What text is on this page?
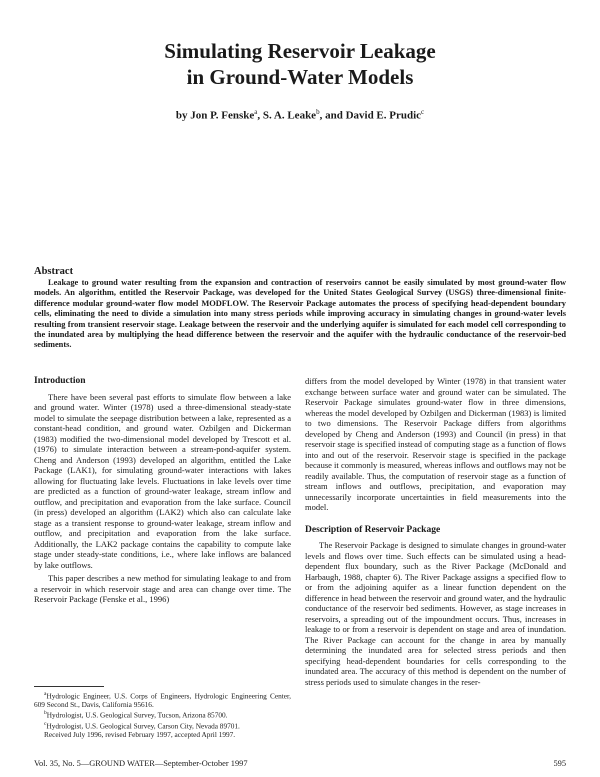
Simulating Reservoir Leakage
in Ground-Water Models
by Jon P. Fenske$^a$, S. A. Leake$^b$, and David E. Prudic$^c$
Abstract

Leakage to ground water resulting from the expansion and contraction of reservoirs cannot be easily simulated by most ground-water flow models. An algorithm, entitled the Reservoir Package, was developed for the United States Geological Survey (USGS) three-dimensional finite-difference modular ground-water flow model MODFLOW. The Reservoir Package automates the process of specifying head-dependent boundary cells, eliminating the need to divide a simulation into many stress periods while improving accuracy in simulating changes in ground-water levels resulting from transient reservoir stage. Leakage between the reservoir and the underlying aquifer is simulated for each model cell corresponding to the inundated area by multiplying the head difference between the reservoir and the aquifer with the hydraulic conductance of the reservoir-bed sediments.

Introduction

There have been several past efforts to simulate flow between a lake and ground water. Winter (1978) used a three-dimensional steady-state model to simulate the seepage distribution between a lake, represented as a constant-head condition, and ground water. Ozbilgen and Dickerman (1983) modified the two-dimensional model developed by Trescott et al. (1976) to simulate interaction between a stream-pond-aquifer system. Cheng and Anderson (1993) developed an algorithm, entitled the Lake Package (LAK1), for simulating ground-water interactions with lakes allowing for fluctuating lake levels. Fluctuations in lake levels over time are predicted as a function of ground-water leakage, stream inflow and outflow, and precipitation and evaporation from the lake surface. Council (in press) developed an algorithm (LAK2) which also can calculate lake stage as a transient response to ground-water leakage, stream inflow and outflow, and precipitation and evaporation from the lake surface. Additionally, the LAK2 package contains the capability to compute lake stage under steady-state conditions, i.e., where lake inflows are balanced by lake outflows.

This paper describes a new method for simulating leakage to and from a reservoir in which reservoir stage and area can change over time. The Reservoir Package (Fenske et al., 1996)

differs from the model developed by Winter (1978) in that transient water exchange between surface water and ground water can be simulated. The Reservoir Package simulates ground-water flow in three dimensions, whereas the model developed by Ozbilgen and Dickerman (1983) is limited to two dimensions. The Reservoir Package differs from algorithms developed by Cheng and Anderson (1993) and Council (in press) in that reservoir stage is specified instead of computing stage as a function of flows into and out of the reservoir. Reservoir stage is specified in the package because it commonly is measured, whereas inflows and outflows may not be readily available. Thus, the computation of reservoir stage as a function of stream inflows and outflows, precipitation, and evaporation may unnecessarily incorporate uncertainties in field measurements into the model.

Description of Reservoir Package

The Reservoir Package is designed to simulate changes in ground-water levels and flows over time. Such effects can be simulated using a head-dependent flux boundary, such as the River Package (McDonald and Harbaugh, 1988, chapter 6). The River Package assigns a specified flow to or from the adjoining aquifer as a linear function dependent on the difference in head between the reservoir and ground water, and the hydraulic conductance of the reservoir bed sediments. However, as stage increases in reservoirs, a spreading out of the impoundment occurs. Thus, increases in leakage to or from a reservoir is dependent on stage and area of inundation. The River Package can account for the change in area by manually determining the inundated area for selected stress periods and then specifying head-dependent boundaries for cells corresponding to the inundated area. The accuracy of this method is dependent on the number of stress periods used to simulate changes in the reser-

$^a$Hydrologic Engineer, U.S. Corps of Engineers, Hydrologic Engineering Center, 609 Second St., Davis, California 95616.

$^b$Hydrologist, U.S. Geological Survey, Tucson, Arizona 85700.

$^c$Hydrologist, U.S. Geological Survey, Carson City, Nevada 89701.

Received July 1996, revised February 1997, accepted April 1997.

Vol. 35, No. 5—GROUND WATER—September-October 1997	595
